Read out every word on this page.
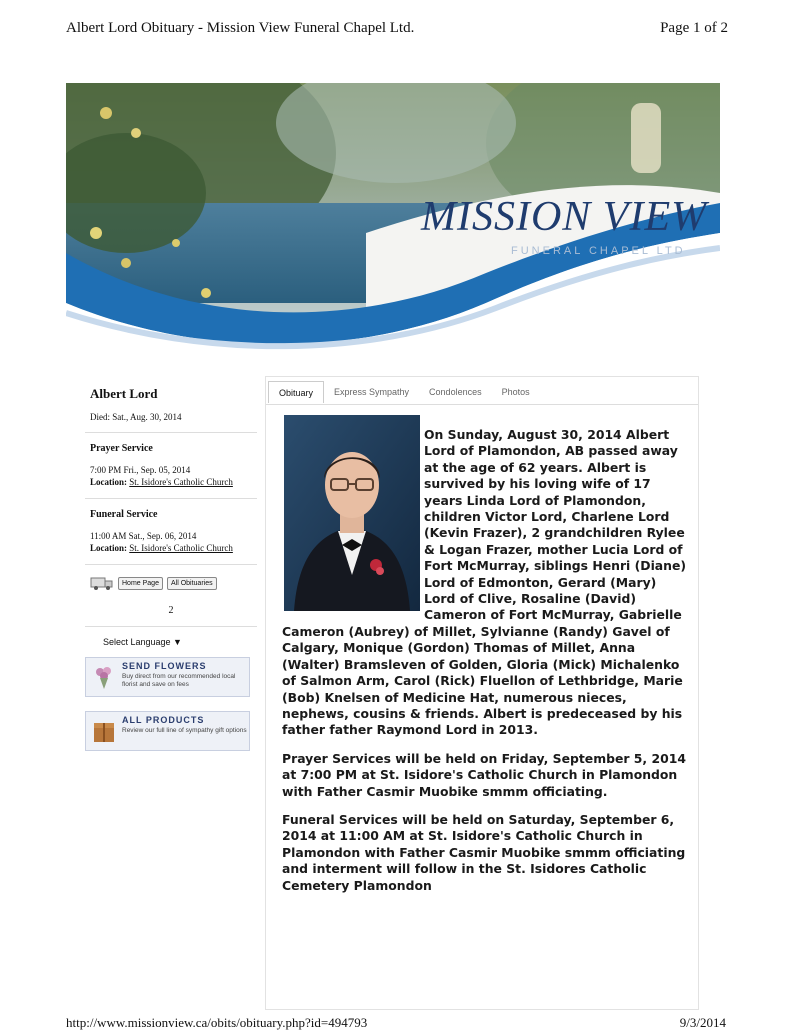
Albert Lord Obituary - Mission View Funeral Chapel Ltd.	Page 1 of 2
MISSION VIEW
FUNERAL CHAPEL LTD
Albert Lord
Died: Sat., Aug. 30, 2014
Prayer Service
7:00 PM Fri., Sep. 05, 2014
Location: St. Isidore's Catholic Church
Funeral Service
11:00 AM Sat., Sep. 06, 2014
Location: St. Isidore's Catholic Church
Home Page	All Obituaries
2
Select Language ▼
SEND FLOWERS
Buy direct from our recommended local florist and save on fees
ALL PRODUCTS
Review our full line of sympathy gift options
Obituary	Express Sympathy	Condolences	Photos

On Sunday, August 30, 2014 Albert Lord of Plamondon, AB passed away at the age of 62 years. Albert is survived by his loving wife of 17 years Linda Lord of Plamondon, children Victor Lord, Charlene Lord (Kevin Frazer), 2 grandchildren Rylee & Logan Frazer, mother Lucia Lord of Fort McMurray, siblings Henri (Diane) Lord of Edmonton, Gerard (Mary) Lord of Clive, Rosaline (David) Cameron of Fort McMurray, Gabrielle Cameron (Aubrey) of Millet, Sylvianne (Randy) Gavel of Calgary, Monique (Gordon) Thomas of Millet, Anna (Walter) Bramsleven of Golden, Gloria (Mick) Michalenko of Salmon Arm, Carol (Rick) Fluellon of Lethbridge, Marie (Bob) Knelsen of Medicine Hat, numerous nieces, nephews, cousins & friends. Albert is predeceased by his father father Raymond Lord in 2013.

Prayer Services will be held on Friday, September 5, 2014 at 7:00 PM at St. Isidore's Catholic Church in Plamondon with Father Casmir Muobike smmm officiating.

Funeral Services will be held on Saturday, September 6, 2014 at 11:00 AM at St. Isidore's Catholic Church in Plamondon with Father Casmir Muobike smmm officiating and interment will follow in the St. Isidores Catholic Cemetery Plamondon

http://www.missionview.ca/obits/obituary.php?id=494793	9/3/2014
